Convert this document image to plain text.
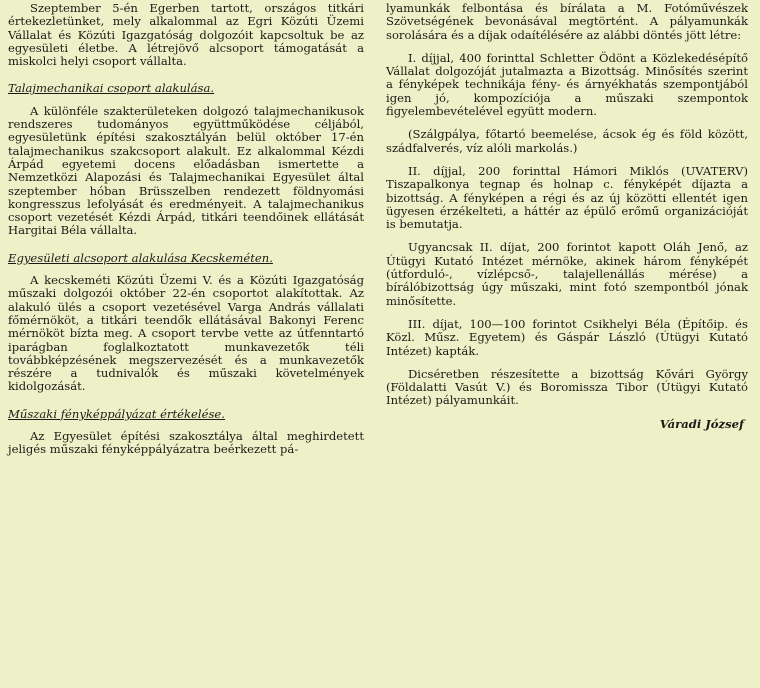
Szeptember 5-én Egerben tartott, országos titkári értekezletünket, mely alkalommal az Egri Közúti Üzemi Vállalat és Közúti Igazgatóság dolgozóit kapcsoltuk be az egyesületi életbe. A létrejövő alcsoport támogatását a miskolci helyi csoport vállalta.

Talajmechanikai csoport alakulása.

A különféle szakterületeken dolgozó talajmechanikusok rendszeres tudományos együttműködése céljából, egyesületünk építési szakosztályán belül október 17-én talajmechanikus szakcsoport alakult. Ez alkalommal Kézdi Árpád egyetemi docens előadásban ismertette a Nemzetközi Alapozási és Talajmechanikai Egyesület által szeptember hóban Brüsszelben rendezett földnyomási kongresszus lefolyását és eredményeit. A talajmechanikus csoport vezetését Kézdi Árpád, titkári teendőinek ellátását Hargitai Béla vállalta.

Egyesületi alcsoport alakulása Kecskeméten.

A kecskeméti Közúti Üzemi V. és a Közúti Igazgatóság műszaki dolgozói október 22-én csoportot alakítottak. Az alakuló ülés a csoport vezetésével Varga András vállalati főmérnököt, a titkári teendők ellátásával Bakonyi Ferenc mérnököt bízta meg. A csoport tervbe vette az útfenntartó iparágban foglalkoztatott munkavezetők téli továbbképzésének megszervezését és a munkavezetők részére a tudnivalók és műszaki követelmények kidolgozását.

Műszaki fényképpályázat értékelése.

Az Egyesület építési szakosztálya által meghirdetett jeligés műszaki fényképpályázatra beérkezett pá-

lyamunkák felbontása és bírálata a M. Fotóművészek Szövetségének bevonásával megtörtént. A pályamunkák sorolására és a díjak odaítélésére az alábbi döntés jött létre:

I. díjjal, 400 forinttal Schletter Ödönt a Közlekedésépítő Vállalat dolgozóját jutalmazta a Bizottság. Minősítés szerint a fényképek technikája fény- és árnyékhatás szempontjából igen jó, kompozíciója a műszaki szempontok figyelembevételével együtt modern.

(Szálgpálya, főtartó beemelése, ácsok ég és föld között, szádfalverés, víz alóli markolás.)

II. díjjal, 200 forinttal Hámori Miklós (UVATERV) Tiszapalkonya tegnap és holnap c. fényképét díjazta a bizottság. A fényképen a régi és az új közötti ellentét igen ügyesen érzékelteti, a háttér az épülő erőmű organizációját is bemutatja.

Ugyancsak II. díjat, 200 forintot kapott Oláh Jenő, az Útügyi Kutató Intézet mérnöke, akinek három fényképét (útforduló-, vízlépcső-, talajellenállás mérése) a bírálóbizottság úgy műszaki, mint fotó szempontból jónak minősítette.

III. díjat, 100—100 forintot Csikhelyi Béla (Építőip. és Közl. Műsz. Egyetem) és Gáspár László (Útügyi Kutató Intézet) kapták.

Dicséretben részesítette a bizottság Kővári György (Földalatti Vasút V.) és Boromissza Tibor (Útügyi Kutató Intézet) pályamunkáit.

Váradi József
